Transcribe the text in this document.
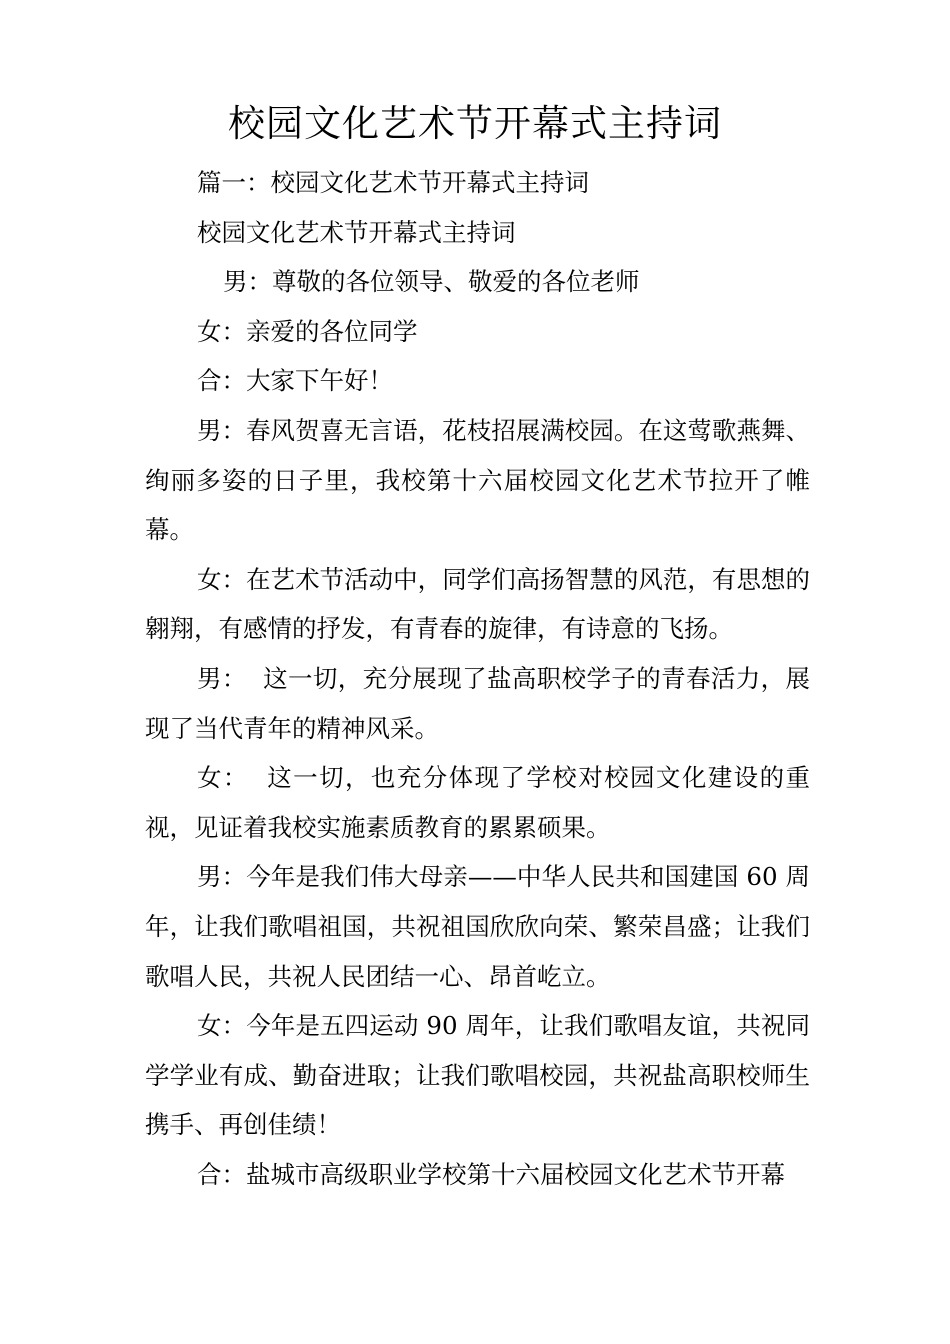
校园文化艺术节开幕式主持词

篇一：校园文化艺术节开幕式主持词

校园文化艺术节开幕式主持词

男：尊敬的各位领导、敬爱的各位老师

女：亲爱的各位同学

合：大家下午好！

男：春风贺喜无言语，花枝招展满校园。在这莺歌燕舞、绚丽多姿的日子里，我校第十六届校园文化艺术节拉开了帷幕。

女：在艺术节活动中，同学们高扬智慧的风范，有思想的翱翔，有感情的抒发，有青春的旋律，有诗意的飞扬。

男：  这一切，充分展现了盐高职校学子的青春活力，展现了当代青年的精神风采。

女：  这一切，也充分体现了学校对校园文化建设的重视，见证着我校实施素质教育的累累硕果。

男：今年是我们伟大母亲——中华人民共和国建国 60 周年，让我们歌唱祖国，共祝祖国欣欣向荣、繁荣昌盛；让我们歌唱人民，共祝人民团结一心、昂首屹立。

女：今年是五四运动 90 周年，让我们歌唱友谊，共祝同学学业有成、勤奋进取；让我们歌唱校园，共祝盐高职校师生携手、再创佳绩！

合：盐城市高级职业学校第十六届校园文化艺术节开幕
